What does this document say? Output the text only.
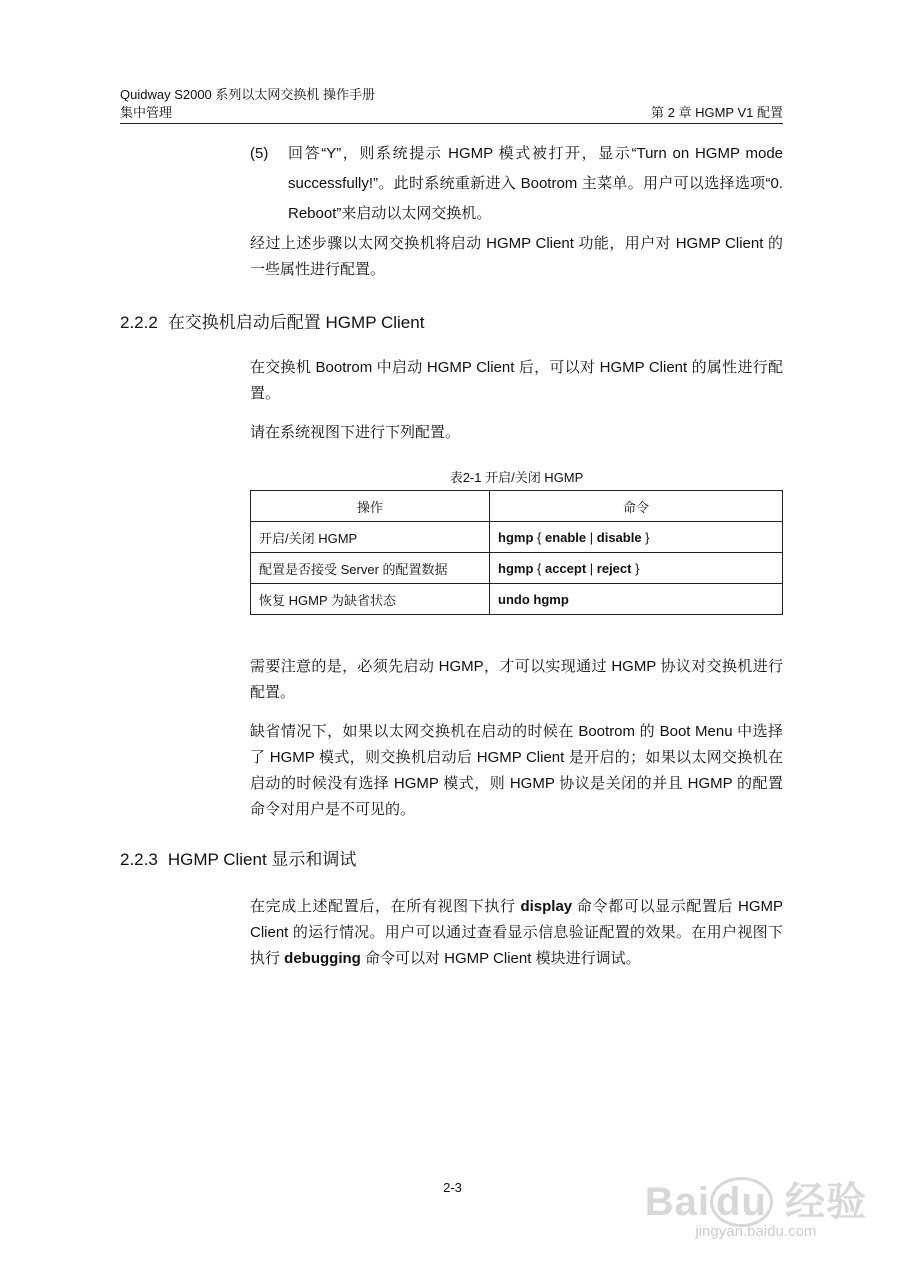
Quidway S2000 系列以太网交换机 操作手册
集中管理	第 2 章 HGMP V1 配置
(5) 回答“Y”，则系统提示 HGMP 模式被打开，显示“Turn on HGMP mode successfully!”。此时系统重新进入 Bootrom 主菜单。用户可以选择选项“0. Reboot”来启动以太网交换机。
经过上述步骤以太网交换机将启动 HGMP Client 功能，用户对 HGMP Client 的一些属性进行配置。
2.2.2 在交换机启动后配置 HGMP Client
在交换机 Bootrom 中启动 HGMP Client 后，可以对 HGMP Client 的属性进行配置。
请在系统视图下进行下列配置。
表2-1 开启/关闭 HGMP
操作	命令
开启/关闭 HGMP	hgmp { enable | disable }
配置是否接受 Server 的配置数据	hgmp { accept | reject }
恢复 HGMP 为缺省状态	undo hgmp
需要注意的是，必须先启动 HGMP，才可以实现通过 HGMP 协议对交换机进行配置。
缺省情况下，如果以太网交换机在启动的时候在 Bootrom 的 Boot Menu 中选择了 HGMP 模式，则交换机启动后 HGMP Client 是开启的；如果以太网交换机在启动的时候没有选择 HGMP 模式，则 HGMP 协议是关闭的并且 HGMP 的配置命令对用户是不可见的。
2.2.3 HGMP Client 显示和调试
在完成上述配置后，在所有视图下执行 display 命令都可以显示配置后 HGMP Client 的运行情况。用户可以通过查看显示信息验证配置的效果。在用户视图下执行 debugging 命令可以对 HGMP Client 模块进行调试。
2-3	Bai du 经验
jingyan.baidu.com
